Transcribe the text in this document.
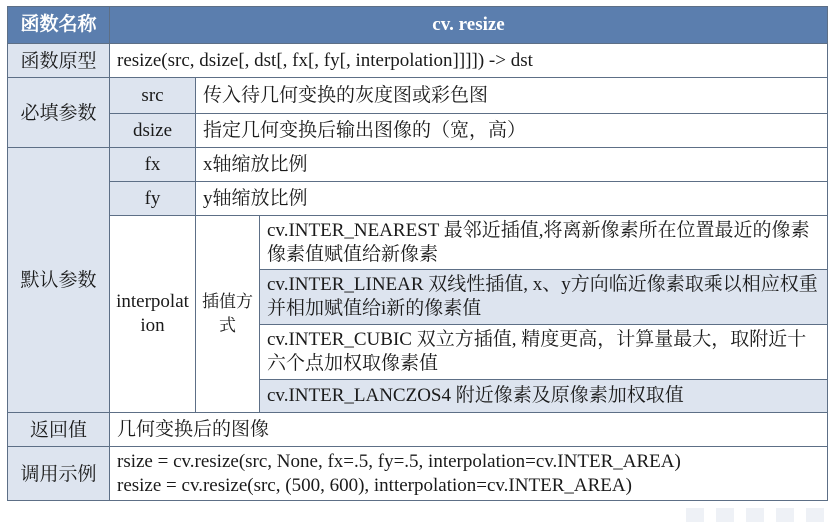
函数名称	cv. resize		
函数原型	resize(src, dsize[, dst[, fx[, fy[, interpolation]]]]) -> dst		
必填参数	src	传入待几何变换的灰度图或彩色图	
	dsize	指定几何变换后输出图像的（宽，高）	
默认参数	fx	x轴缩放比例	
	fy	y轴缩放比例	
	interpolation	插值方式	cv.INTER_NEAREST 最邻近插值,将离新像素所在位置最近的像素像素值赋值给新像素
			cv.INTER_LINEAR 双线性插值, x、y方向临近像素取乘以相应权重并相加赋值给i新的像素值
			cv.INTER_CUBIC 双立方插值, 精度更高，计算量最大，取附近十六个点加权取像素值
			cv.INTER_LANCZOS4 附近像素及原像素加权取值
返回值	几何变换后的图像		
调用示例	rsize = cv.resize(src, None, fx=.5, fy=.5, interpolation=cv.INTER_AREA)
resize = cv.resize(src, (500, 600), intterpolation=cv.INTER_AREA)		
